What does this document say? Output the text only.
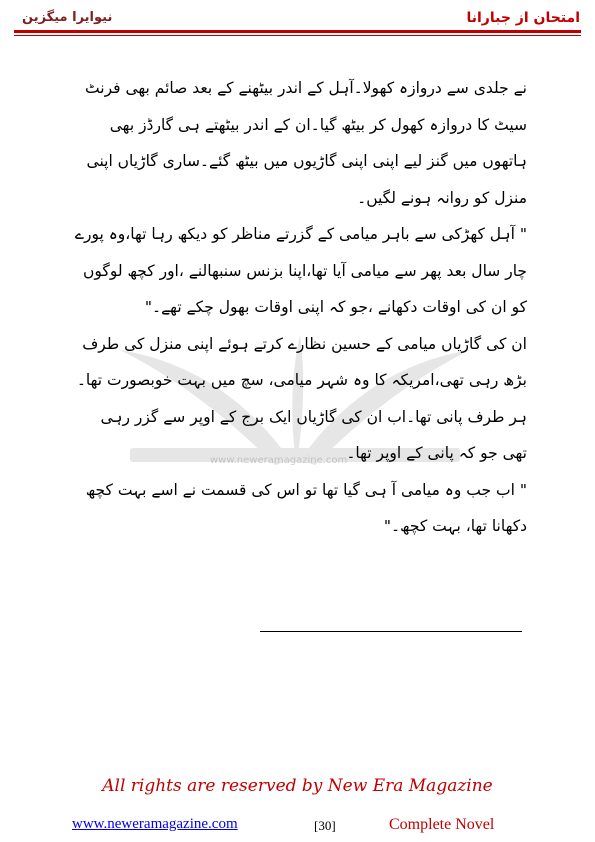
امتحان از جبارانا
نیوایرا میگزین
www.neweramagazine.com

نے جلدی سے دروازہ کھولا۔آہل کے اندر بیٹھنے کے بعد صائم بھی فرنٹ سیٹ کا دروازہ کھول کر بیٹھ گیا۔ان کے اندر بیٹھتے ہی گارڈز بھی ہاتھوں میں گنز لیے اپنی اپنی گاڑیوں میں بیٹھ گئے۔ساری گاڑیاں اپنی منزل کو روانہ ہونے لگیں۔

" آہل کھڑکی سے باہر میامی کے گزرتے مناظر کو دیکھ رہا تھا،وہ پورے چار سال بعد پھر سے میامی آیا تھا،اپنا بزنس سنبھالنے ،اور کچھ لوگوں کو ان کی اوقات دکھانے ،جو کہ اپنی اوقات بھول چکے تھے۔"

ان کی گاڑیاں میامی کے حسین نظارے کرتے ہوئے اپنی منزل کی طرف بڑھ رہی تھی،امریکہ کا وہ شہر میامی، سچ میں بہت خوبصورت تھا۔ہر طرف پانی تھا۔اب ان کی گاڑیاں ایک برج کے اوپر سے گزر رہی تھی جو کہ پانی کے اوپر تھا۔

" اب جب وہ میامی آ ہی گیا تھا تو اس کی قسمت نے اسے بہت کچھ دکھانا تھا، بہت کچھ۔"

All rights are reserved by New Era Magazine
www.neweramagazine.com	[30]	Complete Novel
